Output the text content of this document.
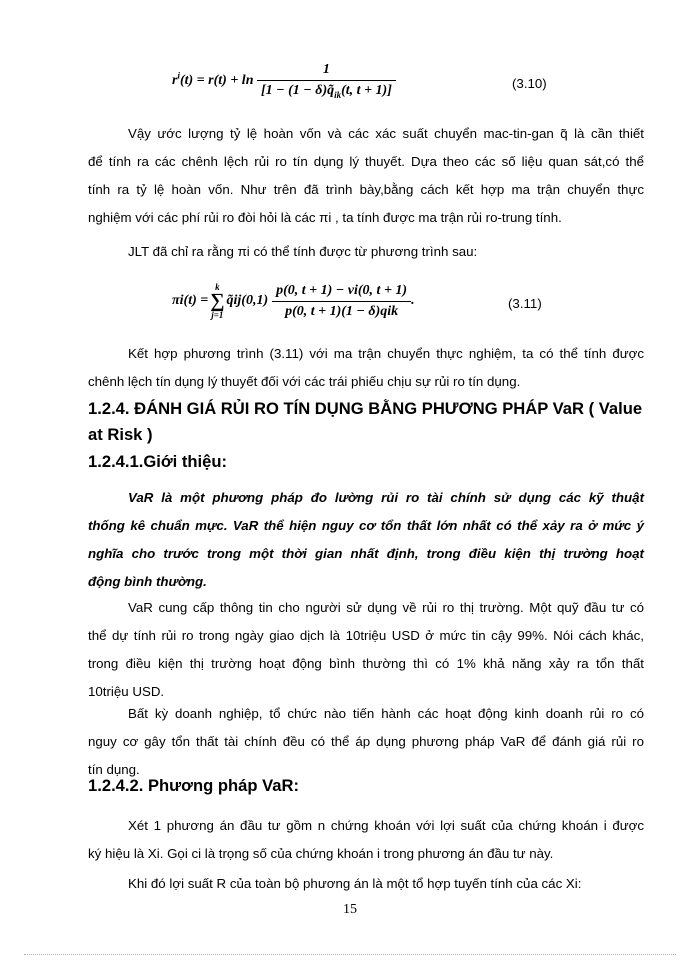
$r^i(t) = r(t) + \ln \frac{1}{[1 - (1 - \delta)q̃_{ik}(t, t + 1)]}$	(3.10)
Vậy ước lượng tỷ lệ hoàn vốn và các xác suất chuyển mac-tin-gan q̃ là cần thiết
để tính ra các chênh lệch rủi ro tín dụng lý thuyết. Dựa theo các số liệu quan sát,có thể
tính ra tỷ lệ hoàn vốn. Như trên đã trình bày,bằng cách kết hợp ma trận chuyển thực
nghiệm với các phí rủi ro đòi hỏi là các πi , ta tính được ma trận rủi ro-trung tính.
JLT đã chỉ ra rằng πi có thể tính được từ phương trình sau:
πi(t) =
k
∑
j=1
q̃ij(0,1) $\frac{p(0, t + 1) - vi(0, t + 1)}{\text{p(0, t + 1)(1 − δ)qik}}$ .	(3.11)
Kết hợp phương trình (3.11) với ma trận chuyển thực nghiệm, ta có thể tính được
chênh lệch tín dụng lý thuyết đối với các trái phiếu chịu sự rủi ro tín dụng.
1.2.4. ĐÁNH GIÁ RỦI RO TÍN DỤNG BẰNG PHƯƠNG PHÁP VaR ( Value
at Risk )
1.2.4.1.Giới thiệu:
VaR là một phương pháp đo lường rủi ro tài chính sử dụng các kỹ thuật
thống kê chuẩn mực. VaR thể hiện nguy cơ tổn thất lớn nhất có thể xảy ra ở mức ý
nghĩa cho trước trong một thời gian nhất định, trong điều kiện thị trường hoạt
động bình thường.
VaR cung cấp thông tin cho người sử dụng về rủi ro thị trường. Một quỹ đầu tư có
thể dự tính rủi ro trong ngày giao dịch là 10triệu USD ở mức tin cậy 99%. Nói cách khác,
trong điều kiện thị trường hoạt động bình thường thì có 1% khả năng xảy ra tổn thất
10triệu USD.
Bất kỳ doanh nghiệp, tổ chức nào tiến hành các hoạt động kinh doanh rủi ro có
nguy cơ gây tổn thất tài chính đều có thể áp dụng phương pháp VaR để đánh giá rủi ro
tín dụng.
1.2.4.2. Phương pháp VaR:
Xét 1 phương án đầu tư gồm n chứng khoán với lợi suất của chứng khoán i được
ký hiệu là Xi. Gọi ci là trọng số của chứng khoán i trong phương án đầu tư này.
Khi đó lợi suất R của toàn bộ phương án là một tổ hợp tuyến tính của các Xi:
15
